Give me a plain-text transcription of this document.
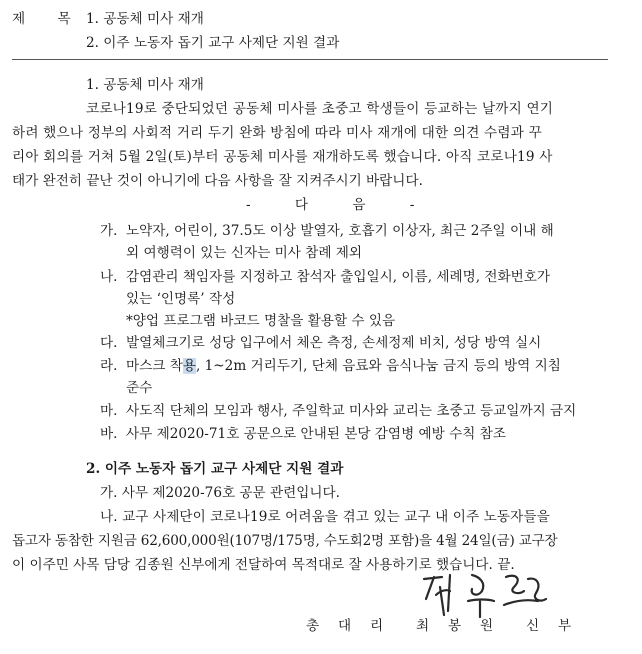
제 목 1. 공동체 미사 재개
2. 이주 노동자 돕기 교구 사제단 지원 결과
1. 공동체 미사 재개
코로나19로 중단되었던 공동체 미사를 초중고 학생들이 등교하는 날까지 연기
하려 했으나 정부의 사회적 거리 두기 완화 방침에 따라 미사 재개에 대한 의견 수렴과 꾸
리아 회의를 거쳐 5월 2일(토)부터 공동체 미사를 재개하도록 했습니다. 아직 코로나19 사
태가 완전히 끝난 것이 아니기에 다음 사항을 잘 지켜주시기 바랍니다.
- 다 음 -
가. 노약자, 어린이, 37.5도 이상 발열자, 호흡기 이상자, 최근 2주일 이내 해
외 여행력이 있는 신자는 미사 참례 제외
나. 감염관리 책임자를 지정하고 참석자 출입일시, 이름, 세례명, 전화번호가
있는 ‘인명록’ 작성
*양업 프로그램 바코드 명찰을 활용할 수 있음
다. 발열체크기로 성당 입구에서 체온 측정, 손세정제 비치, 성당 방역 실시
라. 마스크 착용, 1~2m 거리두기, 단체 음료와 음식나눔 금지 등의 방역 지침
준수
마. 사도직 단체의 모임과 행사, 주일학교 미사와 교리는 초중고 등교일까지 금지
바. 사무 제2020-71호 공문으로 안내된 본당 감염병 예방 수칙 참조
2. 이주 노동자 돕기 교구 사제단 지원 결과
가. 사무 제2020-76호 공문 관련입니다.
나. 교구 사제단이 코로나19로 어려움을 겪고 있는 교구 내 이주 노동자들을
돕고자 동참한 지원금 62,600,000원(107명/175명, 수도회2명 포함)을 4월 24일(금) 교구장
이 이주민 사목 담당 김종원 신부에게 전달하여 목적대로 잘 사용하기로 했습니다. 끝.
총 대 리 최 봉 원 신 부
